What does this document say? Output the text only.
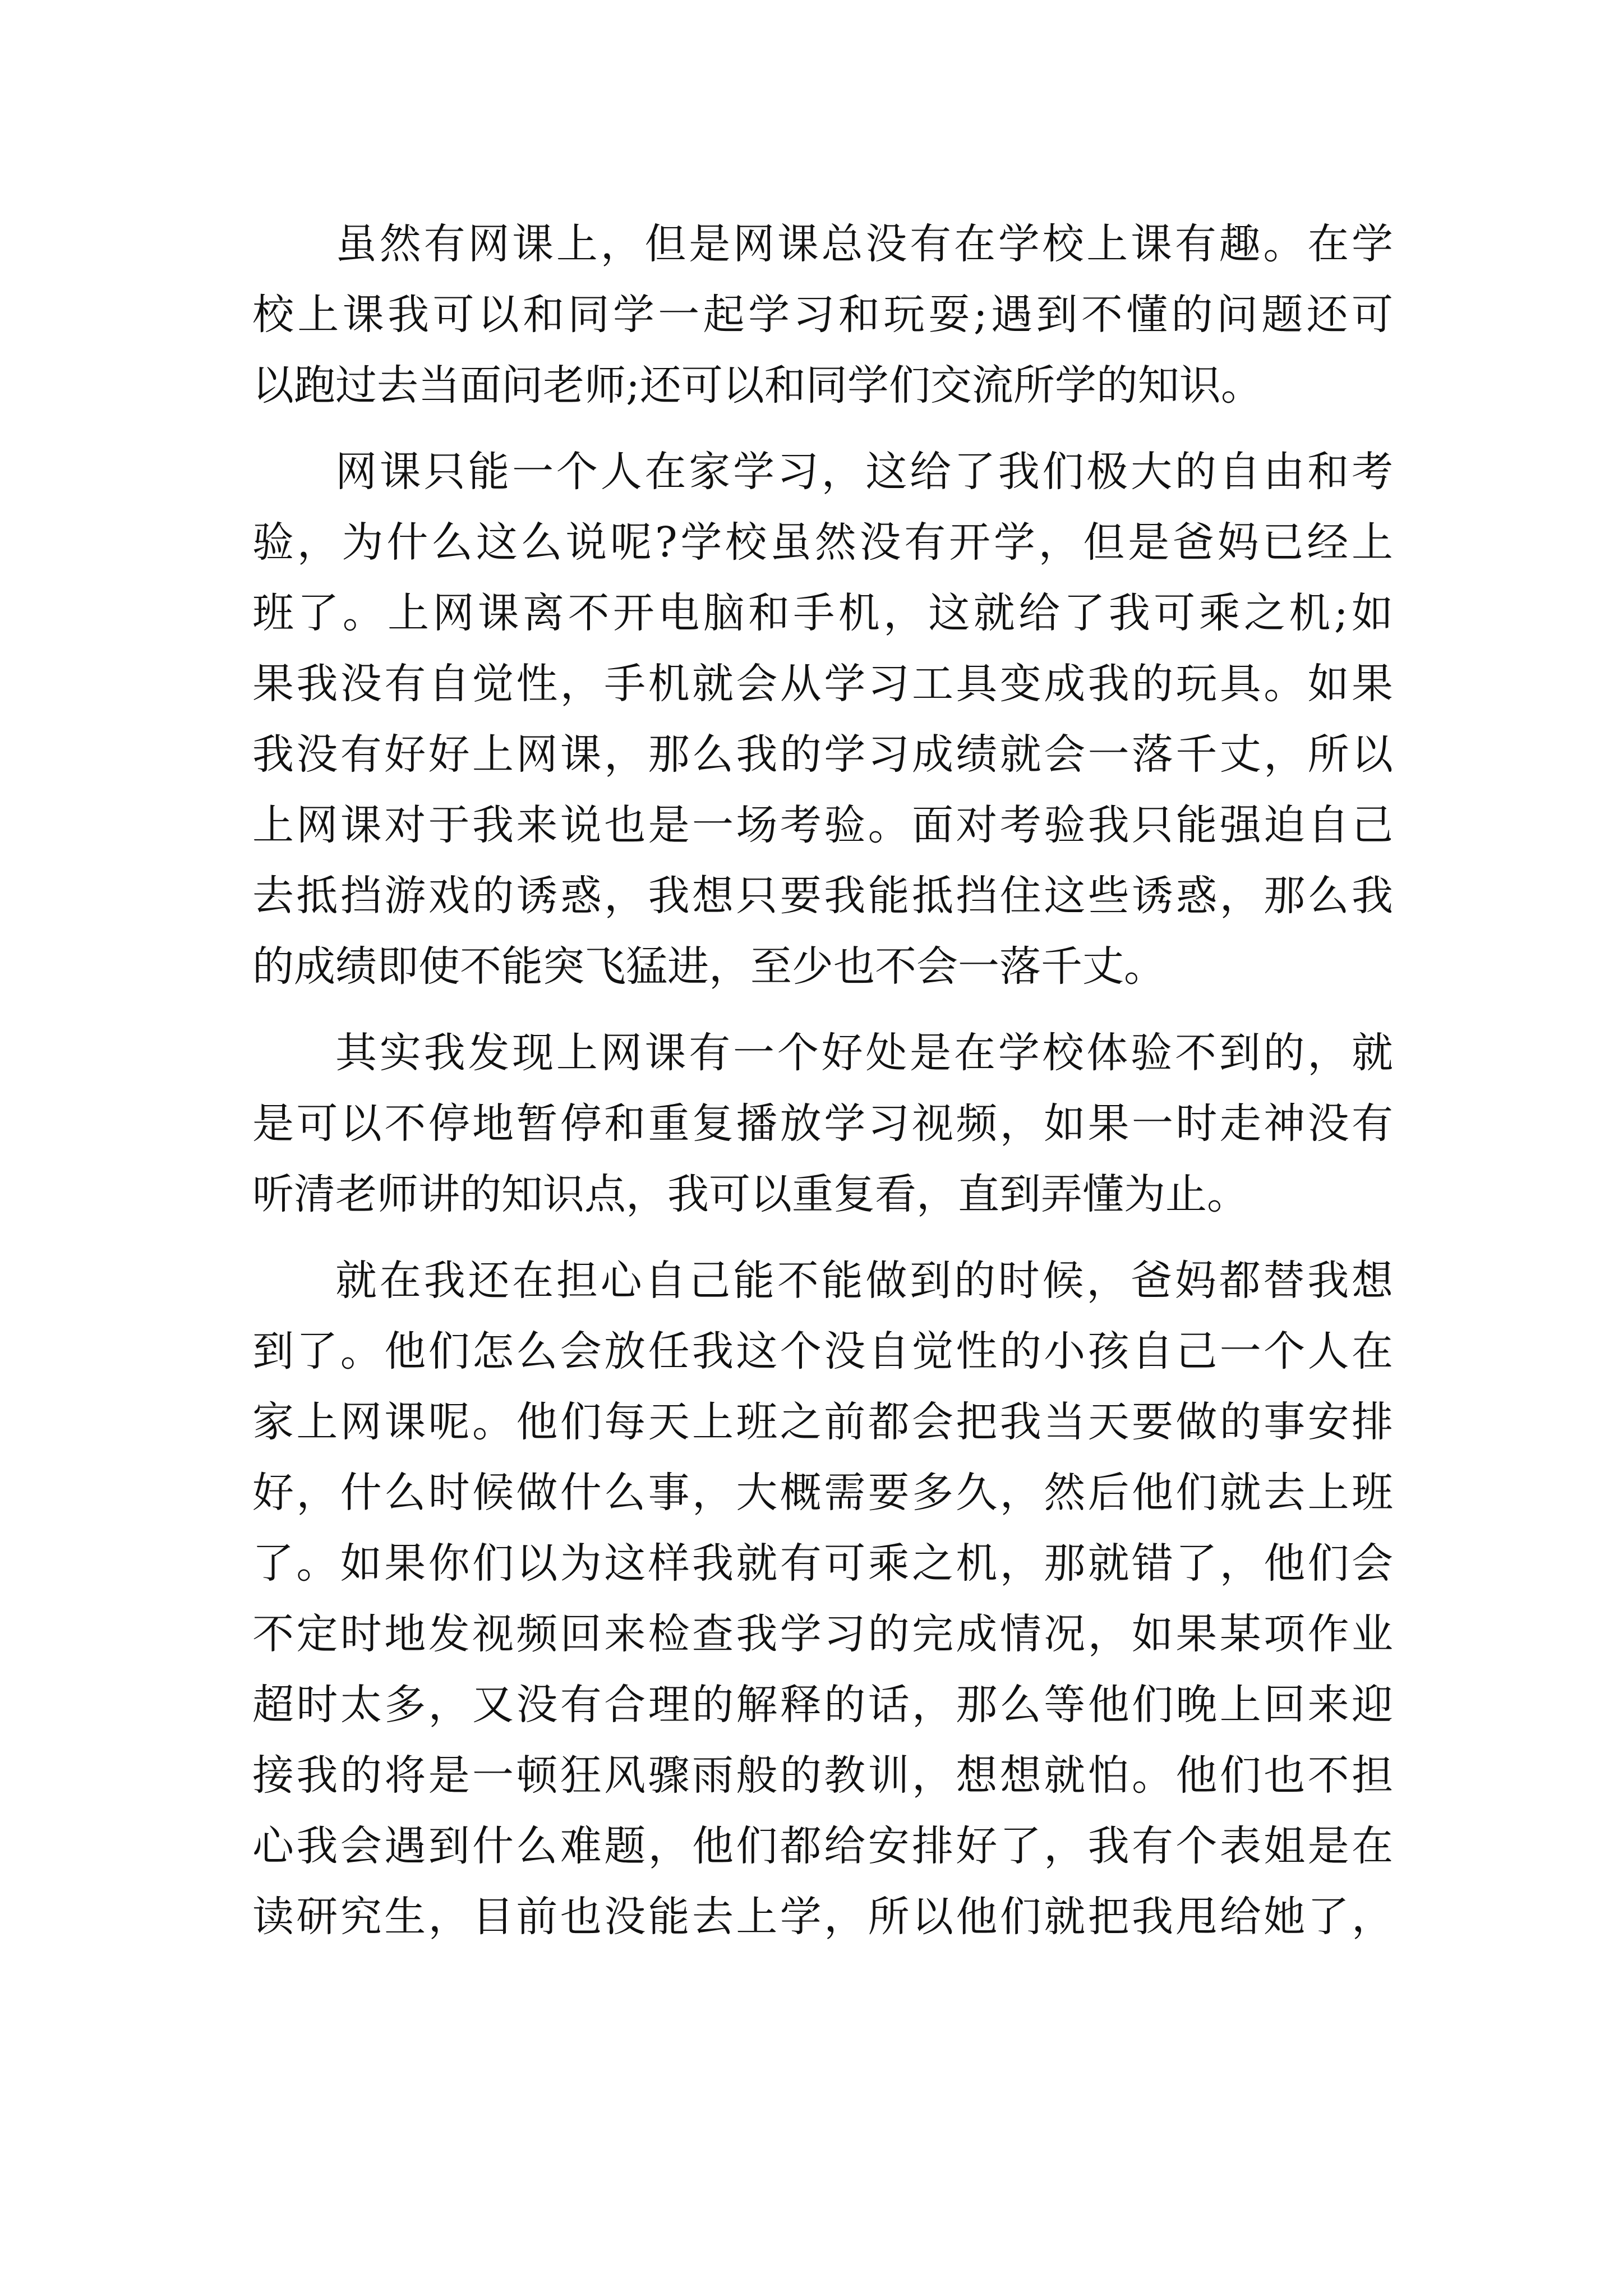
虽然有网课上，但是网课总没有在学校上课有趣。在学
校上课我可以和同学一起学习和玩耍;遇到不懂的问题还可
以跑过去当面问老师;还可以和同学们交流所学的知识。
网课只能一个人在家学习，这给了我们极大的自由和考
验，为什么这么说呢?学校虽然没有开学，但是爸妈已经上
班了。上网课离不开电脑和手机，这就给了我可乘之机;如
果我没有自觉性，手机就会从学习工具变成我的玩具。如果
我没有好好上网课，那么我的学习成绩就会一落千丈，所以
上网课对于我来说也是一场考验。面对考验我只能强迫自己
去抵挡游戏的诱惑，我想只要我能抵挡住这些诱惑，那么我
的成绩即使不能突飞猛进，至少也不会一落千丈。
其实我发现上网课有一个好处是在学校体验不到的，就
是可以不停地暂停和重复播放学习视频，如果一时走神没有
听清老师讲的知识点，我可以重复看，直到弄懂为止。
就在我还在担心自己能不能做到的时候，爸妈都替我想
到了。他们怎么会放任我这个没自觉性的小孩自己一个人在
家上网课呢。他们每天上班之前都会把我当天要做的事安排
好，什么时候做什么事，大概需要多久，然后他们就去上班
了。如果你们以为这样我就有可乘之机，那就错了，他们会
不定时地发视频回来检查我学习的完成情况，如果某项作业
超时太多，又没有合理的解释的话，那么等他们晚上回来迎
接我的将是一顿狂风骤雨般的教训，想想就怕。他们也不担
心我会遇到什么难题，他们都给安排好了，我有个表姐是在
读研究生，目前也没能去上学，所以他们就把我甩给她了，
